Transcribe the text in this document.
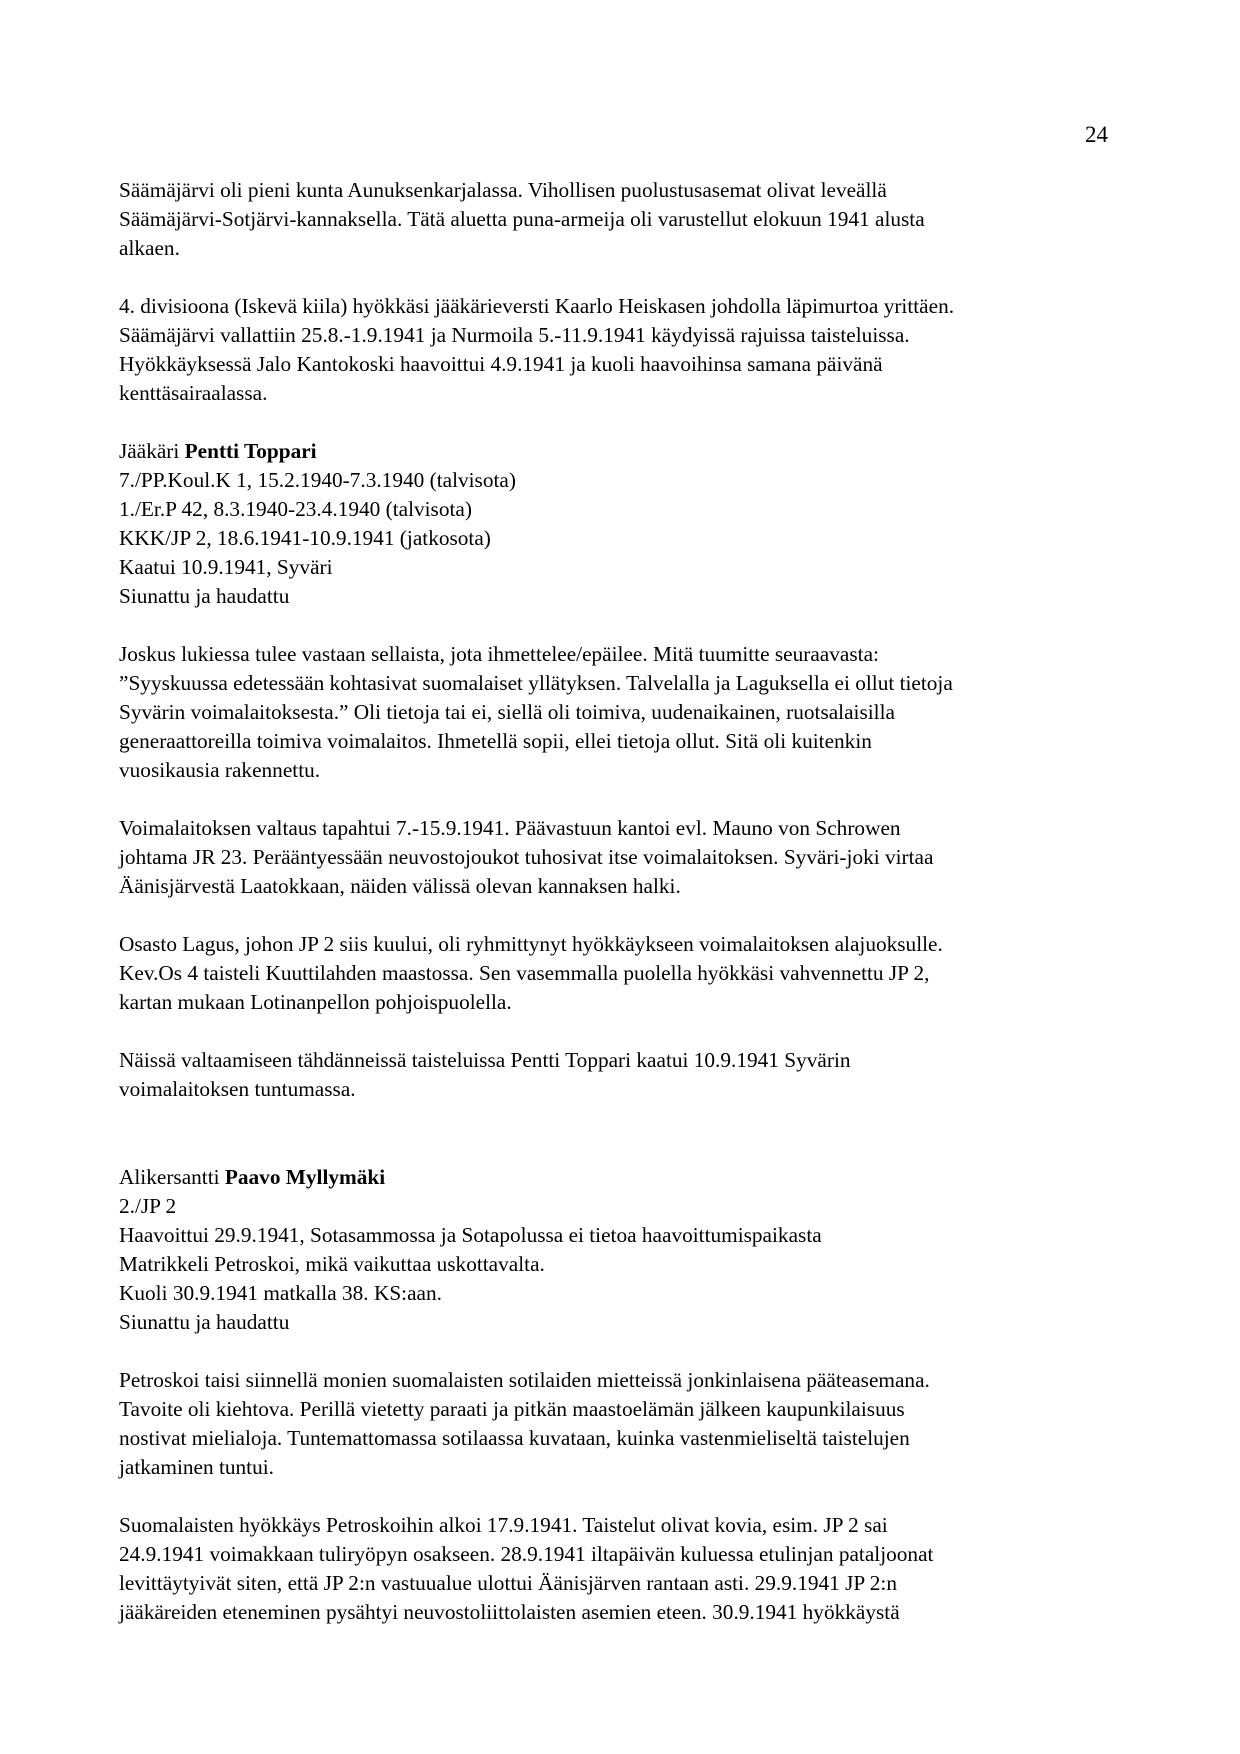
24

Säämäjärvi oli pieni kunta Aunuksenkarjalassa. Vihollisen puolustusasemat olivat leveällä
Säämäjärvi-Sotjärvi-kannaksella. Tätä aluetta puna-armeija oli varustellut elokuun 1941 alusta
alkaen.

4. divisioona (Iskevä kiila) hyökkäsi jääkärieversti Kaarlo Heiskasen johdolla läpimurtoa yrittäen.
Säämäjärvi vallattiin 25.8.-1.9.1941 ja Nurmoila 5.-11.9.1941 käydyissä rajuissa taisteluissa.
Hyökkäyksessä Jalo Kantokoski haavoittui 4.9.1941 ja kuoli haavoihinsa samana päivänä
kenttäsairaalassa.

Jääkäri Pentti Toppari
7./PP.Koul.K 1, 15.2.1940-7.3.1940 (talvisota)
1./Er.P 42, 8.3.1940-23.4.1940 (talvisota)
KKK/JP 2, 18.6.1941-10.9.1941 (jatkosota)
Kaatui 10.9.1941, Syväri
Siunattu ja haudattu

Joskus lukiessa tulee vastaan sellaista, jota ihmettelee/epäilee. Mitä tuumitte seuraavasta:
”Syyskuussa edetessään kohtasivat suomalaiset yllätyksen. Talvelalla ja Laguksella ei ollut tietoja
Syvärin voimalaitoksesta.” Oli tietoja tai ei, siellä oli toimiva, uudenaikainen, ruotsalaisilla
generaattoreilla toimiva voimalaitos. Ihmetellä sopii, ellei tietoja ollut. Sitä oli kuitenkin
vuosikausia rakennettu.

Voimalaitoksen valtaus tapahtui 7.-15.9.1941. Päävastuun kantoi evl. Mauno von Schrowen
johtama JR 23. Perääntyessään neuvostojoukot tuhosivat itse voimalaitoksen. Syväri-joki virtaa
Äänisjärvestä Laatokkaan, näiden välissä olevan kannaksen halki.

Osasto Lagus, johon JP 2 siis kuului, oli ryhmittynyt hyökkäykseen voimalaitoksen alajuoksulle.
Kev.Os 4 taisteli Kuuttilahden maastossa. Sen vasemmalla puolella hyökkäsi vahvennettu JP 2,
kartan mukaan Lotinanpellon pohjoispuolella.

Näissä valtaamiseen tähdänneissä taisteluissa Pentti Toppari kaatui 10.9.1941 Syvärin
voimalaitoksen tuntumassa.

Alikersantti Paavo Myllymäki
2./JP 2
Haavoittui 29.9.1941, Sotasammossa ja Sotapolussa ei tietoa haavoittumispaikasta
Matrikkeli Petroskoi, mikä vaikuttaa uskottavalta.
Kuoli 30.9.1941 matkalla 38. KS:aan.
Siunattu ja haudattu

Petroskoi taisi siinnellä monien suomalaisten sotilaiden mietteissä jonkinlaisena pääteasemana.
Tavoite oli kiehtova. Perillä vietetty paraati ja pitkän maastoelämän jälkeen kaupunkilaisuus
nostivat mielialoja. Tuntemattomassa sotilaassa kuvataan, kuinka vastenmieliseltä taistelujen
jatkaminen tuntui.

Suomalaisten hyökkäys Petroskoihin alkoi 17.9.1941. Taistelut olivat kovia, esim. JP 2 sai
24.9.1941 voimakkaan tuliryöpyn osakseen. 28.9.1941 iltapäivän kuluessa etulinjan pataljoonat
levittäytyivät siten, että JP 2:n vastuualue ulottui Äänisjärven rantaan asti. 29.9.1941 JP 2:n
jääkäreiden eteneminen pysähtyi neuvostoliittolaisten asemien eteen. 30.9.1941 hyökkäystä
